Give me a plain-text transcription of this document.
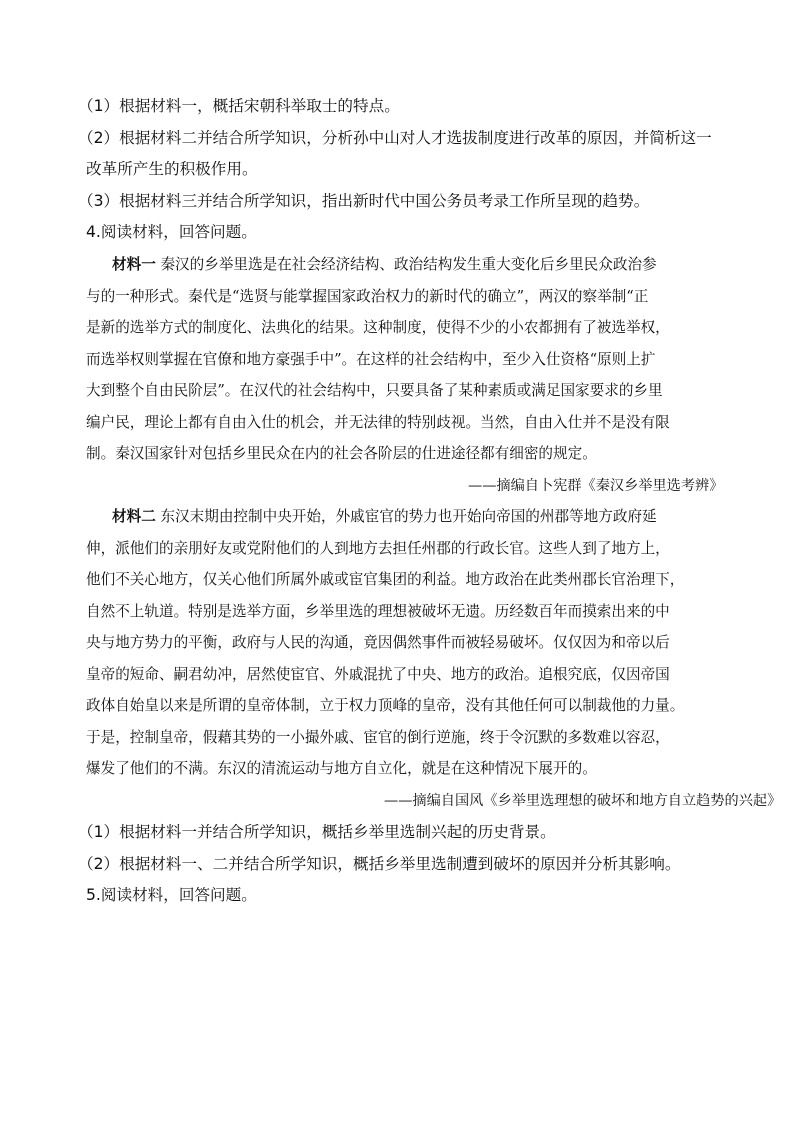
（1）根据材料一，概括宋朝科举取士的特点。
（2）根据材料二并结合所学知识，分析孙中山对人才选拔制度进行改革的原因，并简析这一
改革所产生的积极作用。
（3）根据材料三并结合所学知识，指出新时代中国公务员考录工作所呈现的趋势。
4.阅读材料，回答问题。
材料一 秦汉的乡举里选是在社会经济结构、政治结构发生重大变化后乡里民众政治参
与的一种形式。秦代是“选贤与能掌握国家政治权力的新时代的确立”，两汉的察举制“正
是新的选举方式的制度化、法典化的结果。这种制度，使得不少的小农都拥有了被选举权，
而选举权则掌握在官僚和地方豪强手中”。在这样的社会结构中，至少入仕资格“原则上扩
大到整个自由民阶层”。在汉代的社会结构中，只要具备了某种素质或满足国家要求的乡里
编户民，理论上都有自由入仕的机会，并无法律的特别歧视。当然，自由入仕并不是没有限
制。秦汉国家针对包括乡里民众在内的社会各阶层的仕进途径都有细密的规定。
——摘编自卜宪群《秦汉乡举里选考辨》
材料二 东汉末期由控制中央开始，外戚宦官的势力也开始向帝国的州郡等地方政府延
伸，派他们的亲朋好友或党附他们的人到地方去担任州郡的行政长官。这些人到了地方上，
他们不关心地方，仅关心他们所属外戚或宦官集团的利益。地方政治在此类州郡长官治理下，
自然不上轨道。特别是选举方面，乡举里选的理想被破坏无遗。历经数百年而摸索出来的中
央与地方势力的平衡，政府与人民的沟通，竟因偶然事件而被轻易破坏。仅仅因为和帝以后
皇帝的短命、嗣君幼冲，居然使宦官、外戚混扰了中央、地方的政治。追根究底，仅因帝国
政体自始皇以来是所谓的皇帝体制，立于权力顶峰的皇帝，没有其他任何可以制裁他的力量。
于是，控制皇帝，假藉其势的一小撮外戚、宦官的倒行逆施，终于令沉默的多数难以容忍，
爆发了他们的不满。东汉的清流运动与地方自立化，就是在这种情况下展开的。
——摘编自国风《乡举里选理想的破坏和地方自立趋势的兴起》
（1）根据材料一并结合所学知识，概括乡举里选制兴起的历史背景。
（2）根据材料一、二并结合所学知识，概括乡举里选制遭到破坏的原因并分析其影响。
5.阅读材料，回答问题。
